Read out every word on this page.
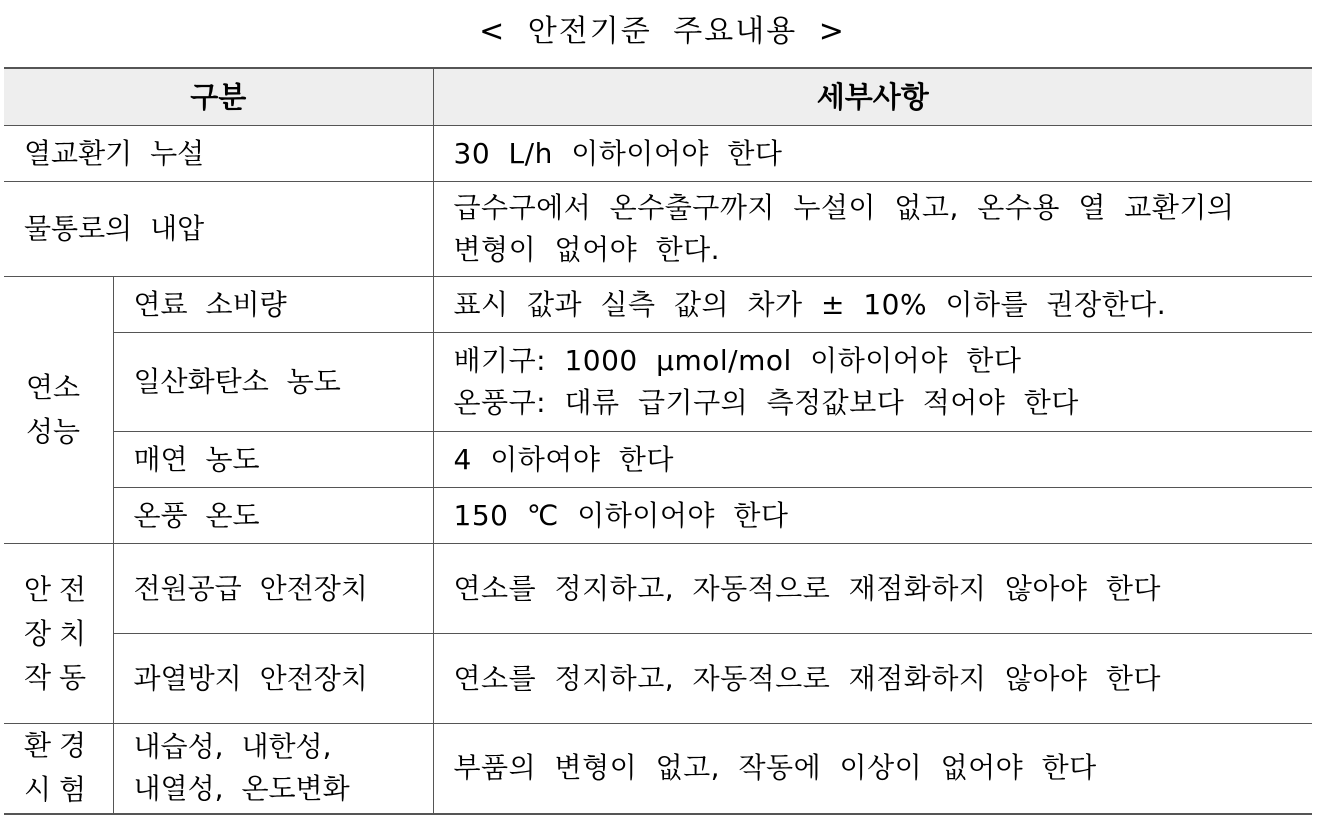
< 안전기준 주요내용 >
구분		세부사항
열교환기 누설		30 L/h 이하이어야 한다
물통로의 내압		급수구에서 온수출구까지 누설이 없고, 온수용 열 교환기의
변형이 없어야 한다.

연소
성능	연료 소비량	표시 값과 실측 값의 차가 ± 10% 이하를 권장한다.
	일산화탄소 농도	배기구: 1000 μmol/mol 이하이어야 한다
온풍구: 대류 급기구의 측정값보다 적어야 한다

	매연 농도	4 이하여야 한다
	온풍 온도	150 ℃ 이하이어야 한다

안전
장치
작동	전원공급 안전장치	연소를 정지하고, 자동적으로 재점화하지 않아야 한다
	과열방지 안전장치	연소를 정지하고, 자동적으로 재점화하지 않아야 한다

환경
시험	내습성, 내한성,
내열성, 온도변화	부품의 변형이 없고, 작동에 이상이 없어야 한다
